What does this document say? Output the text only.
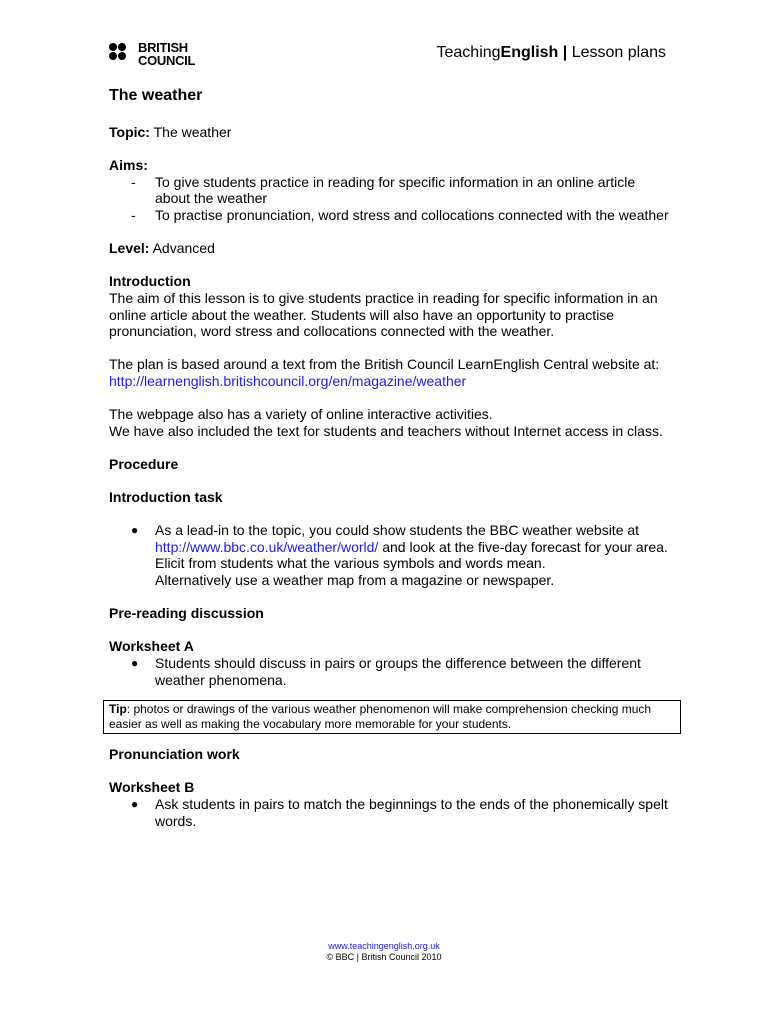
BRITISH
COUNCIL	TeachingEnglish | Lesson plans
The weather

Topic: The weather

Aims:

- To give students practice in reading for specific information in an online article about the weather
- To practise pronunciation, word stress and collocations connected with the weather

Level: Advanced

Introduction

The aim of this lesson is to give students practice in reading for specific information in an online article about the weather. Students will also have an opportunity to practise pronunciation, word stress and collocations connected with the weather.

The plan is based around a text from the British Council LearnEnglish Central website at: http://learnenglish.britishcouncil.org/en/magazine/weather

The webpage also has a variety of online interactive activities.

We have also included the text for students and teachers without Internet access in class.

Procedure

Introduction task

● As a lead-in to the topic, you could show students the BBC weather website at http://www.bbc.co.uk/weather/world/ and look at the five-day forecast for your area.
Elicit from students what the various symbols and words mean.
Alternatively use a weather map from a magazine or newspaper.

Pre-reading discussion

Worksheet A

● Students should discuss in pairs or groups the difference between the different weather phenomena.
Tip: photos or drawings of the various weather phenomenon will make comprehension checking much easier as well as making the vocabulary more memorable for your students.

Pronunciation work

Worksheet B

● Ask students in pairs to match the beginnings to the ends of the phonemically spelt words.
www.teachingenglish.org.uk
© BBC | British Council 2010
